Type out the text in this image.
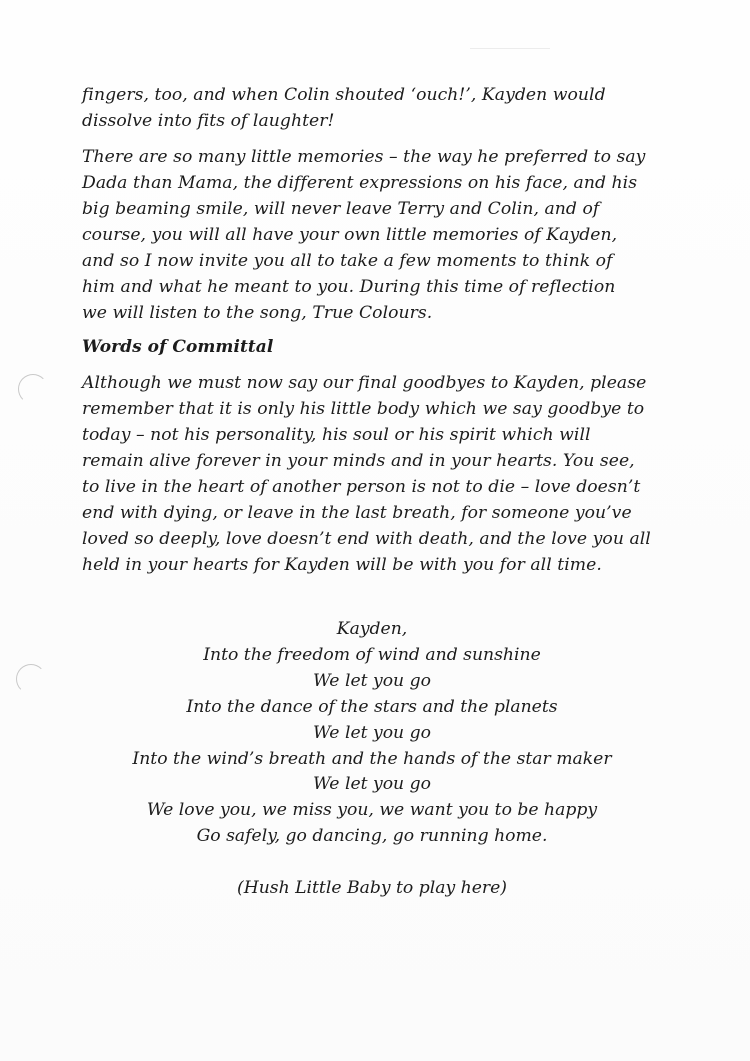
fingers, too, and when Colin shouted ‘ouch!’, Kayden would
dissolve into fits of laughter!

There are so many little memories – the way he preferred to say
Dada than Mama, the different expressions on his face, and his
big beaming smile, will never leave Terry and Colin, and of
course, you will all have your own little memories of Kayden,
and so I now invite you all to take a few moments to think of
him and what he meant to you. During this time of reflection
we will listen to the song, True Colours.

Words of Committal

Although we must now say our final goodbyes to Kayden, please
remember that it is only his little body which we say goodbye to
today – not his personality, his soul or his spirit which will
remain alive forever in your minds and in your hearts. You see,
to live in the heart of another person is not to die – love doesn’t
end with dying, or leave in the last breath, for someone you’ve
loved so deeply, love doesn’t end with death, and the love you all
held in your hearts for Kayden will be with you for all time.

Kayden,
Into the freedom of wind and sunshine
We let you go
Into the dance of the stars and the planets
We let you go
Into the wind’s breath and the hands of the star maker
We let you go
We love you, we miss you, we want you to be happy
Go safely, go dancing, go running home.
(Hush Little Baby to play here)
